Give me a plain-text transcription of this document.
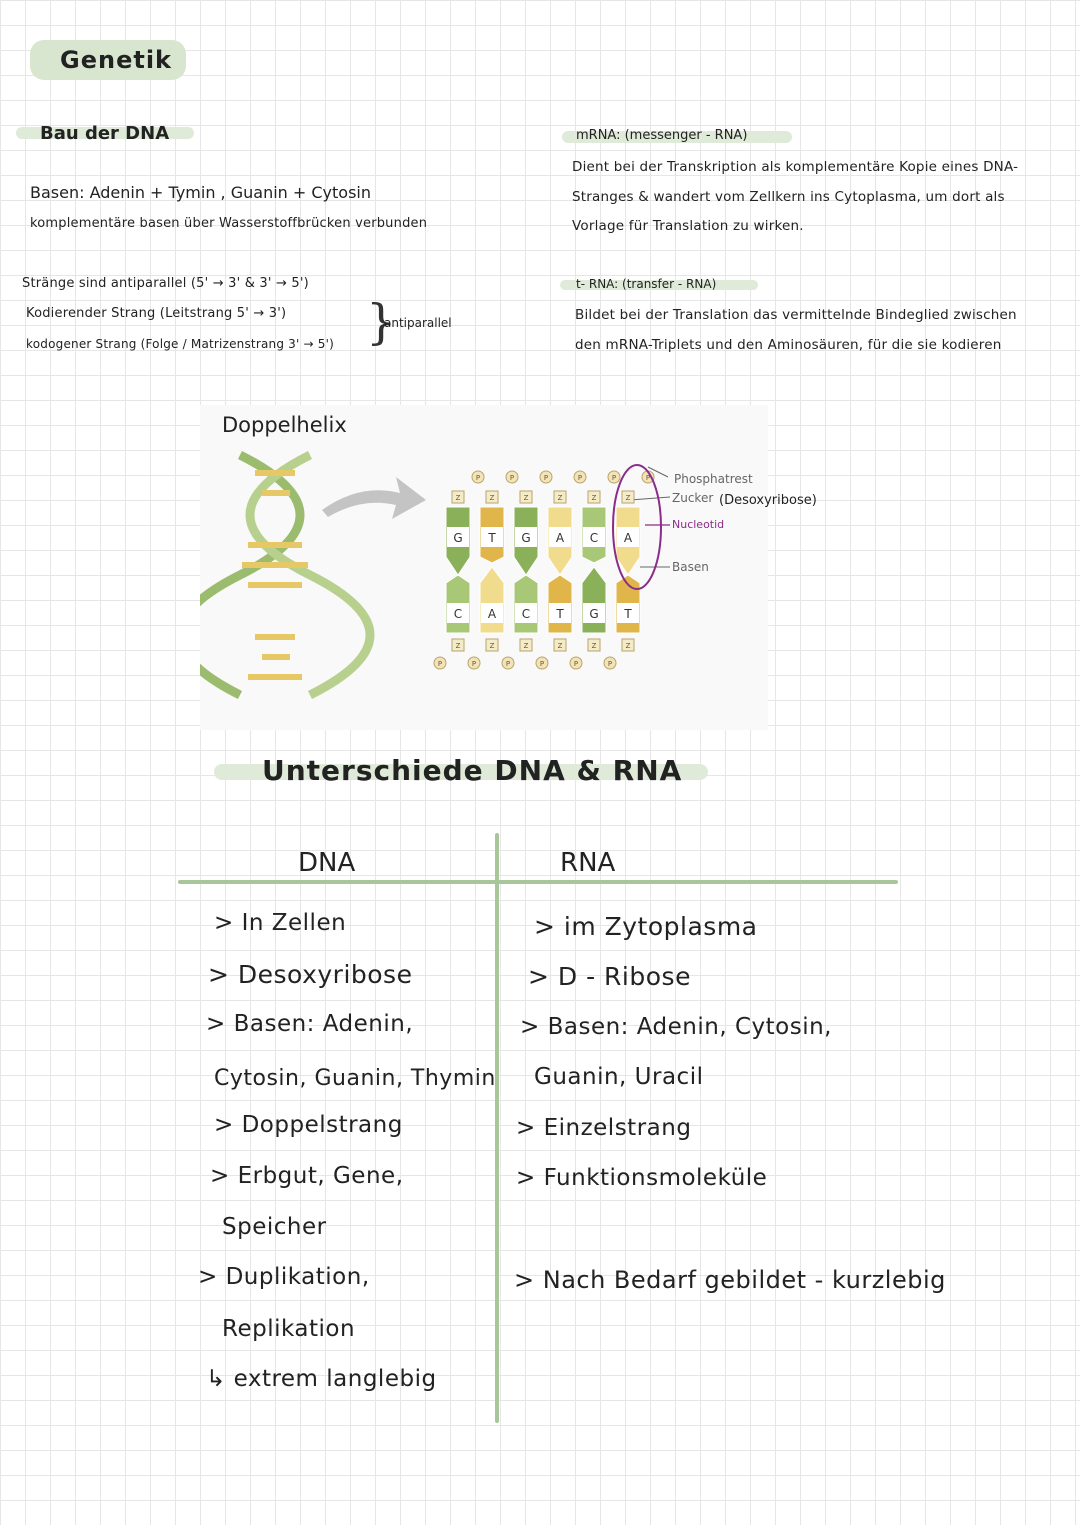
Genetik
Bau der DNA
Basen: Adenin + Tymin , Guanin + Cytosin
komplementäre basen über Wasserstoffbrücken verbunden
Stränge sind antiparallel (5' → 3' & 3' → 5')
Kodierender Strang (Leitstrang 5' → 3')
kodogener Strang (Folge / Matrizenstrang 3' → 5') }
antiparallel
mRNA: (messenger - RNA)
Dient bei der Transkription als komplementäre Kopie eines DNA-
Stranges & wandert vom Zellkern ins Cytoplasma, um dort als
Vorlage für Translation zu wirken.
t- RNA: (transfer - RNA)
Bildet bei der Translation das vermittelnde Bindeglied zwischen
den mRNA-Triplets und den Aminosäuren, für die sie kodieren
Doppelhelix
P
Z
G
C
Z
P
P
Z
T
A
Z
P
P
Z
G
C
Z
P
P
Z
A
T
Z
P
P
Z
C
G
Z
P
P
Z
A
T
Z
P
Phosphatrest
Zucker (Desoxyribose)
Nucleotid
Basen
Unterschiede DNA & RNA
DNA	RNA
> In Zellen
> Desoxyribose
> Basen: Adenin,
Cytosin, Guanin, Thymin
> Doppelstrang
> Erbgut, Gene,
Speicher
> Duplikation,
Replikation
↳ extrem langlebig
> im Zytoplasma
> D - Ribose
> Basen: Adenin, Cytosin,
Guanin, Uracil
> Einzelstrang
> Funktionsmoleküle
> Nach Bedarf gebildet - kurzlebig
